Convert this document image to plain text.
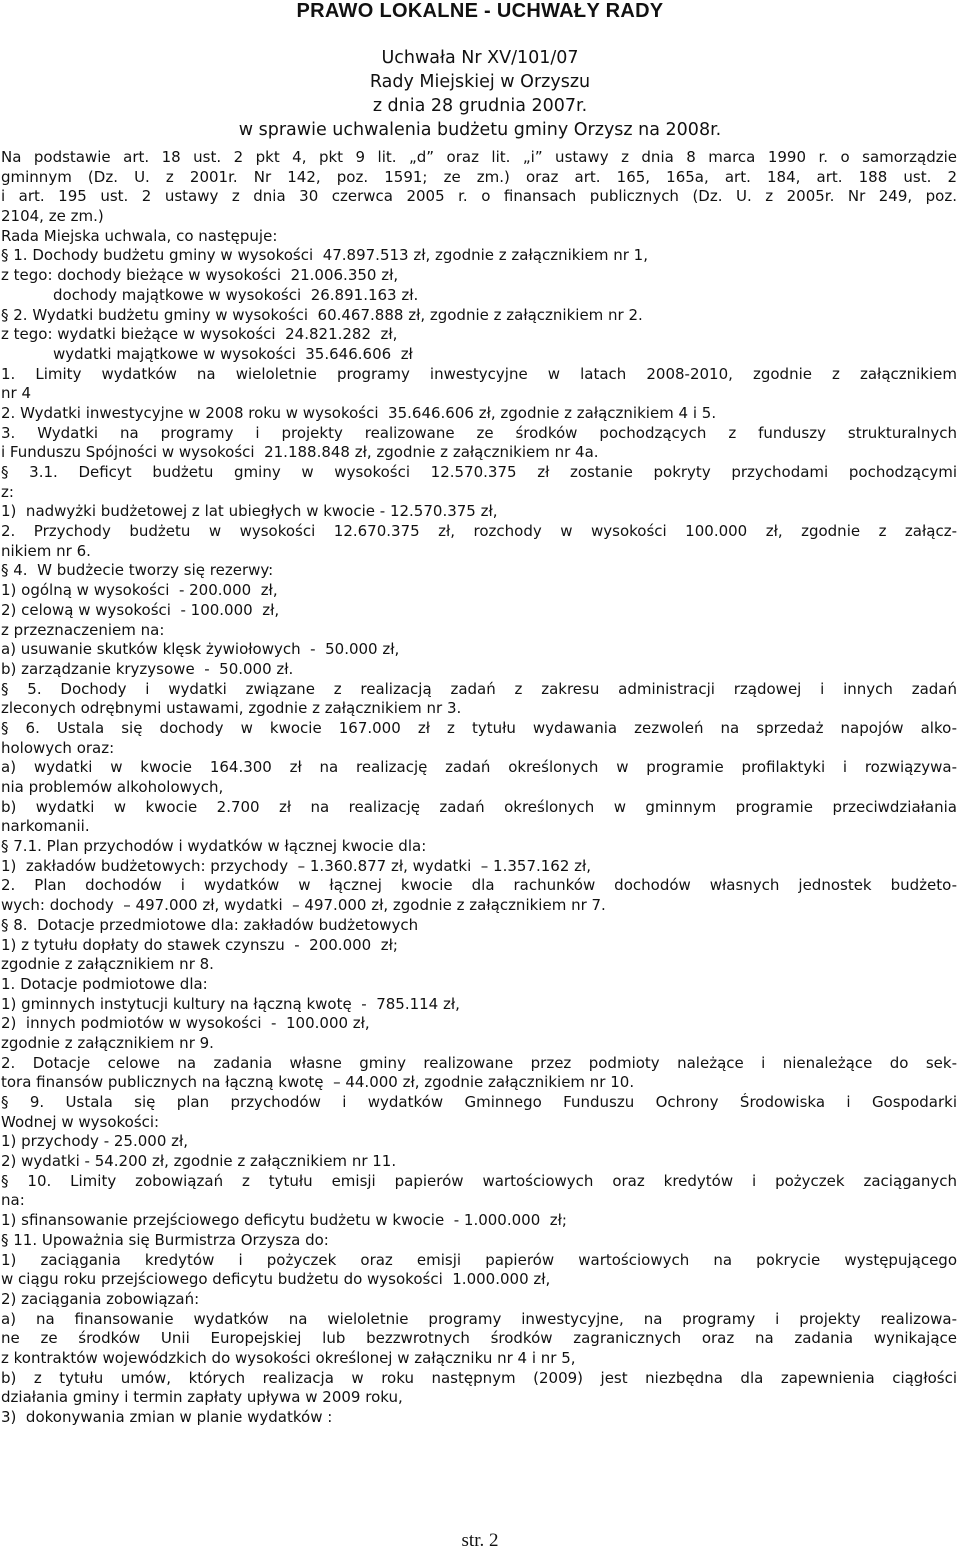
PRAWO LOKALNE - UCHWAŁY RADY
Uchwała Nr XV/101/07
Rady Miejskiej w Orzyszu
z dnia 28 grudnia 2007r.
w sprawie uchwalenia budżetu gminy Orzysz na 2008r.
Na podstawie art. 18 ust. 2 pkt 4, pkt 9 lit. „d” oraz lit. „i” ustawy z dnia 8 marca 1990 r. o samorządzie
gminnym (Dz. U. z 2001r. Nr 142, poz. 1591; ze zm.) oraz art. 165, 165a, art. 184, art. 188 ust. 2
i art. 195 ust. 2 ustawy z dnia 30 czerwca 2005 r. o finansach publicznych (Dz. U. z 2005r. Nr 249, poz.
2104, ze zm.)
Rada Miejska uchwala, co następuje:
§ 1. Dochody budżetu gminy w wysokości  47.897.513 zł, zgodnie z załącznikiem nr 1,
z tego: dochody bieżące w wysokości  21.006.350 zł,
dochody majątkowe w wysokości  26.891.163 zł.
§ 2. Wydatki budżetu gminy w wysokości  60.467.888 zł, zgodnie z załącznikiem nr 2.
z tego: wydatki bieżące w wysokości  24.821.282  zł,
wydatki majątkowe w wysokości  35.646.606  zł
1. Limity wydatków na wieloletnie programy inwestycyjne w latach 2008-2010, zgodnie z załącznikiem
nr 4
2. Wydatki inwestycyjne w 2008 roku w wysokości  35.646.606 zł, zgodnie z załącznikiem 4 i 5.
3. Wydatki na programy i projekty realizowane ze środków pochodzących z funduszy strukturalnych
i Funduszu Spójności w wysokości  21.188.848 zł, zgodnie z załącznikiem nr 4a.
§ 3.1. Deficyt budżetu gminy w wysokości 12.570.375 zł zostanie pokryty przychodami pochodzącymi
z:
1)  nadwyżki budżetowej z lat ubiegłych w kwocie - 12.570.375 zł,
2. Przychody budżetu w wysokości 12.670.375 zł, rozchody w wysokości 100.000 zł, zgodnie z załącz-
nikiem nr 6.
§ 4.  W budżecie tworzy się rezerwy:
1) ogólną w wysokości  - 200.000  zł,
2) celową w wysokości  - 100.000  zł,
z przeznaczeniem na:
a) usuwanie skutków klęsk żywiołowych  -  50.000 zł,
b) zarządzanie kryzysowe  -  50.000 zł.
§ 5. Dochody i wydatki związane z realizacją zadań z zakresu administracji rządowej i innych zadań
zleconych odrębnymi ustawami, zgodnie z załącznikiem nr 3.
§ 6. Ustala się dochody w kwocie 167.000 zł z tytułu wydawania zezwoleń na sprzedaż napojów alko-
holowych oraz:
a) wydatki w kwocie 164.300 zł na realizację zadań określonych w programie profilaktyki i rozwiązywa-
nia problemów alkoholowych,
b) wydatki w kwocie 2.700 zł na realizację zadań określonych w gminnym programie przeciwdziałania
narkomanii.
§ 7.1. Plan przychodów i wydatków w łącznej kwocie dla:
1)  zakładów budżetowych: przychody  – 1.360.877 zł, wydatki  – 1.357.162 zł,
2. Plan dochodów i wydatków w łącznej kwocie dla rachunków dochodów własnych jednostek budżeto-
wych: dochody  – 497.000 zł, wydatki  – 497.000 zł, zgodnie z załącznikiem nr 7.
§ 8.  Dotacje przedmiotowe dla: zakładów budżetowych
1) z tytułu dopłaty do stawek czynszu  -  200.000  zł;
zgodnie z załącznikiem nr 8.
1. Dotacje podmiotowe dla:
1) gminnych instytucji kultury na łączną kwotę  -  785.114 zł,
2)  innych podmiotów w wysokości  -  100.000 zł,
zgodnie z załącznikiem nr 9.
2. Dotacje celowe na zadania własne gminy realizowane przez podmioty należące i nienależące do sek-
tora finansów publicznych na łączną kwotę  – 44.000 zł, zgodnie załącznikiem nr 10.
§ 9. Ustala się plan przychodów i wydatków Gminnego Funduszu Ochrony Środowiska i Gospodarki
Wodnej w wysokości:
1) przychody - 25.000 zł,
2) wydatki - 54.200 zł, zgodnie z załącznikiem nr 11.
§ 10. Limity zobowiązań z tytułu emisji papierów wartościowych oraz kredytów i pożyczek zaciąganych
na:
1) sfinansowanie przejściowego deficytu budżetu w kwocie  - 1.000.000  zł;
§ 11. Upoważnia się Burmistrza Orzysza do:
1) zaciągania kredytów i pożyczek oraz emisji papierów wartościowych na pokrycie występującego
w ciągu roku przejściowego deficytu budżetu do wysokości  1.000.000 zł,
2) zaciągania zobowiązań:
a) na finansowanie wydatków na wieloletnie programy inwestycyjne, na programy i projekty realizowa-
ne ze środków Unii Europejskiej lub bezzwrotnych środków zagranicznych oraz na zadania wynikające
z kontraktów wojewódzkich do wysokości określonej w załączniku nr 4 i nr 5,
b) z tytułu umów, których realizacja w roku następnym (2009) jest niezbędna dla zapewnienia ciągłości
działania gminy i termin zapłaty upływa w 2009 roku,
3)  dokonywania zmian w planie wydatków :
str. 2
